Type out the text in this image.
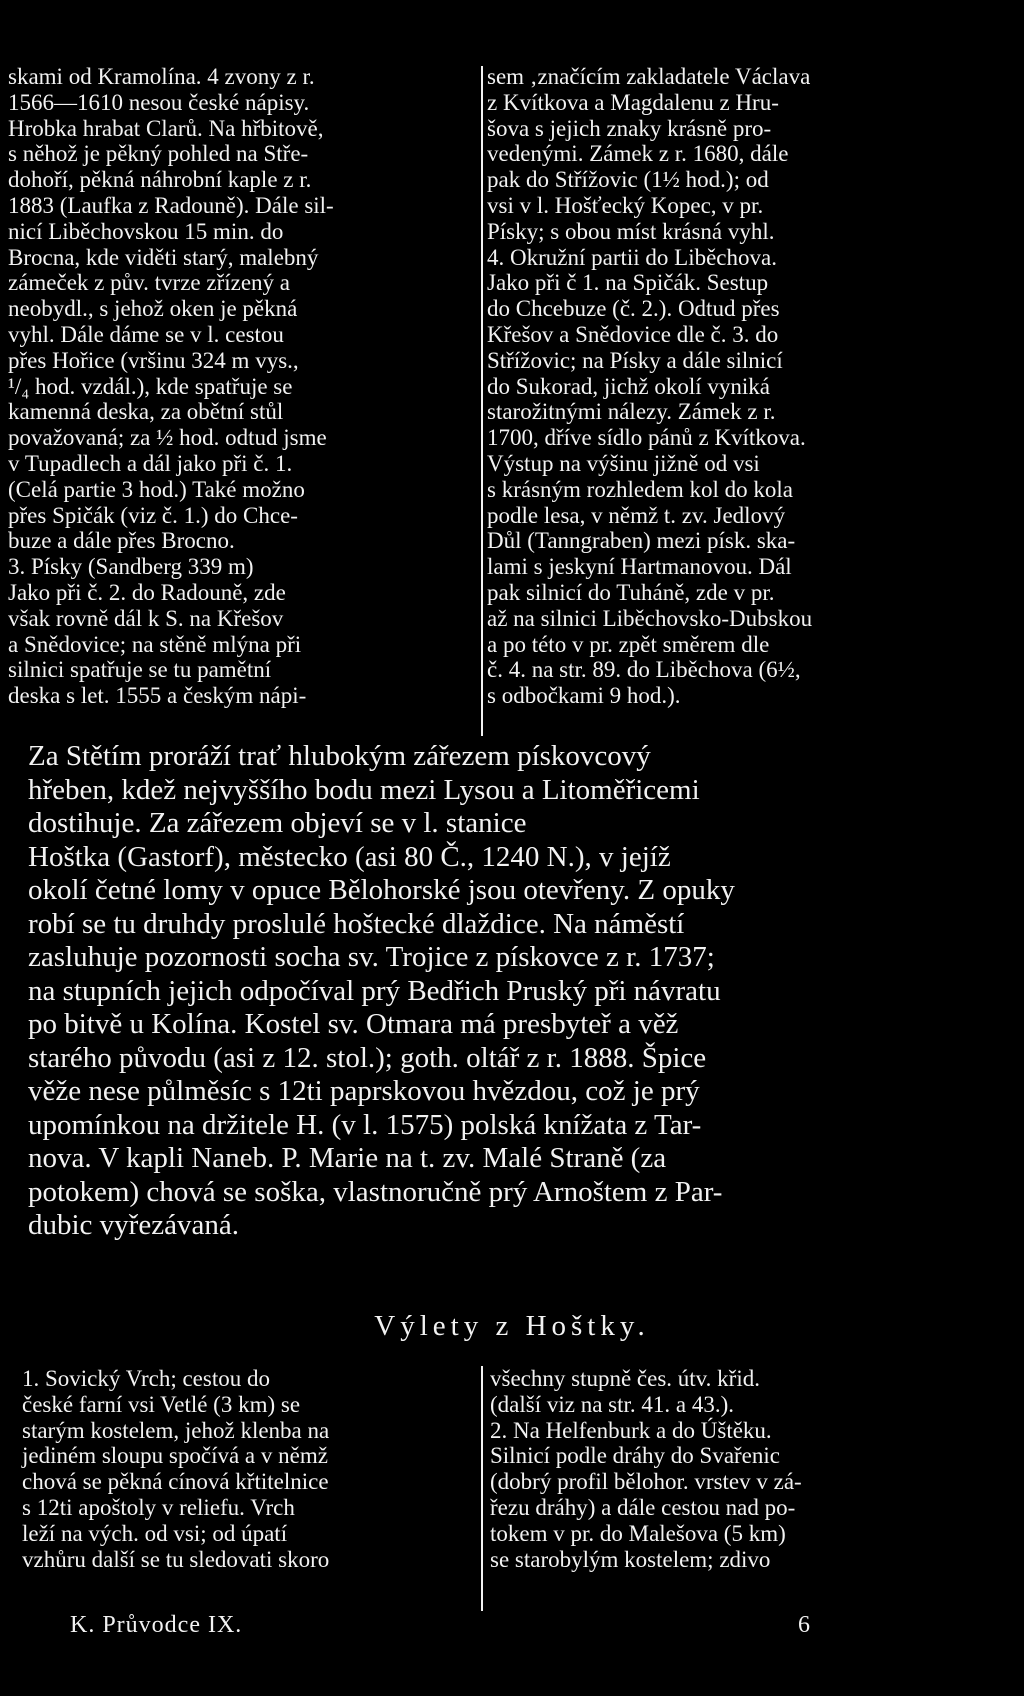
skami od Kramolína. 4 zvony z r.
1566—1610 nesou české nápisy.
Hrobka hrabat Clarů. Na hřbitově,
s něhož je pěkný pohled na Stře-
dohoří, pěkná náhrobní kaple z r.
1883 (Laufka z Radouně). Dále sil-
nicí Liběchovskou 15 min. do
Brocna, kde viděti starý, malebný
zámeček z pův. tvrze zřízený a
neobydl., s jehož oken je pěkná
vyhl. Dále dáme se v l. cestou
přes Hořice (vršinu 324 m vys.,
¹/₄ hod. vzdál.), kde spatřuje se
kamenná deska, za obětní stůl
považovaná; za ½ hod. odtud jsme
v Tupadlech a dál jako při č. 1.
(Celá partie 3 hod.) Také možno
přes Spičák (viz č. 1.) do Chce-
buze a dále přes Brocno.
3. Písky (Sandberg 339 m)
Jako při č. 2. do Radouně, zde
však rovně dál k S. na Křešov
a Snědovice; na stěně mlýna při
silnici spatřuje se tu pamětní
deska s let. 1555 a českým nápi-
sem ‚značícím zakladatele Václava
z Kvítkova a Magdalenu z Hru-
šova s jejich znaky krásně pro-
vedenými. Zámek z r. 1680, dále
pak do Střížovic (1½ hod.); od
vsi v l. Hošťecký Kopec, v pr.
Písky; s obou míst krásná vyhl.
4. Okružní partii do Liběchova.
Jako při č 1. na Spičák. Sestup
do Chcebuze (č. 2.). Odtud přes
Křešov a Snědovice dle č. 3. do
Střížovic; na Písky a dále silnicí
do Sukorad, jichž okolí vyniká
starožitnými nálezy. Zámek z r.
1700, dříve sídlo pánů z Kvítkova.
Výstup na výšinu jižně od vsi
s krásným rozhledem kol do kola
podle lesa, v němž t. zv. Jedlový
Důl (Tanngraben) mezi písk. ska-
lami s jeskyní Hartmanovou. Dál
pak silnicí do Tuháně, zde v pr.
až na silnici Liběchovsko-Dubskou
a po této v pr. zpět směrem dle
č. 4. na str. 89. do Liběchova (6½,
s odbočkami 9 hod.).
Za Stětím proráží trať hlubokým zářezem pískovcový
hřeben, kdež nejvyššího bodu mezi Lysou a Litoměřicemi
dostihuje. Za zářezem objeví se v l. stanice
Hoštka (Gastorf), městecko (asi 80 Č., 1240 N.), v jejíž
okolí četné lomy v opuce Bělohorské jsou otevřeny. Z opuky
robí se tu druhdy proslulé hoštecké dlaždice. Na náměstí
zasluhuje pozornosti socha sv. Trojice z pískovce z r. 1737;
na stupních jejich odpočíval prý Bedřich Pruský při návratu
po bitvě u Kolína. Kostel sv. Otmara má presbyteř a věž
starého původu (asi z 12. stol.); goth. oltář z r. 1888. Špice
věže nese půlměsíc s 12ti paprskovou hvězdou, což je prý
upomínkou na držitele H. (v l. 1575) polská knížata z Tar-
nova. V kapli Naneb. P. Marie na t. zv. Malé Straně (za
potokem) chová se soška, vlastnoručně prý Arnoštem z Par-
dubic vyřezávaná.
Výlety z Hoštky.
1. Sovický Vrch; cestou do
české farní vsi Vetlé (3 km) se
starým kostelem, jehož klenba na
jediném sloupu spočívá a v němž
chová se pěkná cínová křtitelnice
s 12ti apoštoly v reliefu. Vrch
leží na vých. od vsi; od úpatí
vzhůru další se tu sledovati skoro
všechny stupně čes. útv. křid.
(další viz na str. 41. a 43.).
2. Na Helfenburk a do Úštěku.
Silnicí podle dráhy do Svařenic
(dobrý profil bělohor. vrstev v zá-
řezu dráhy) a dále cestou nad po-
tokem v pr. do Malešova (5 km)
se starobylým kostelem; zdivo
K. Průvodce IX.	6
